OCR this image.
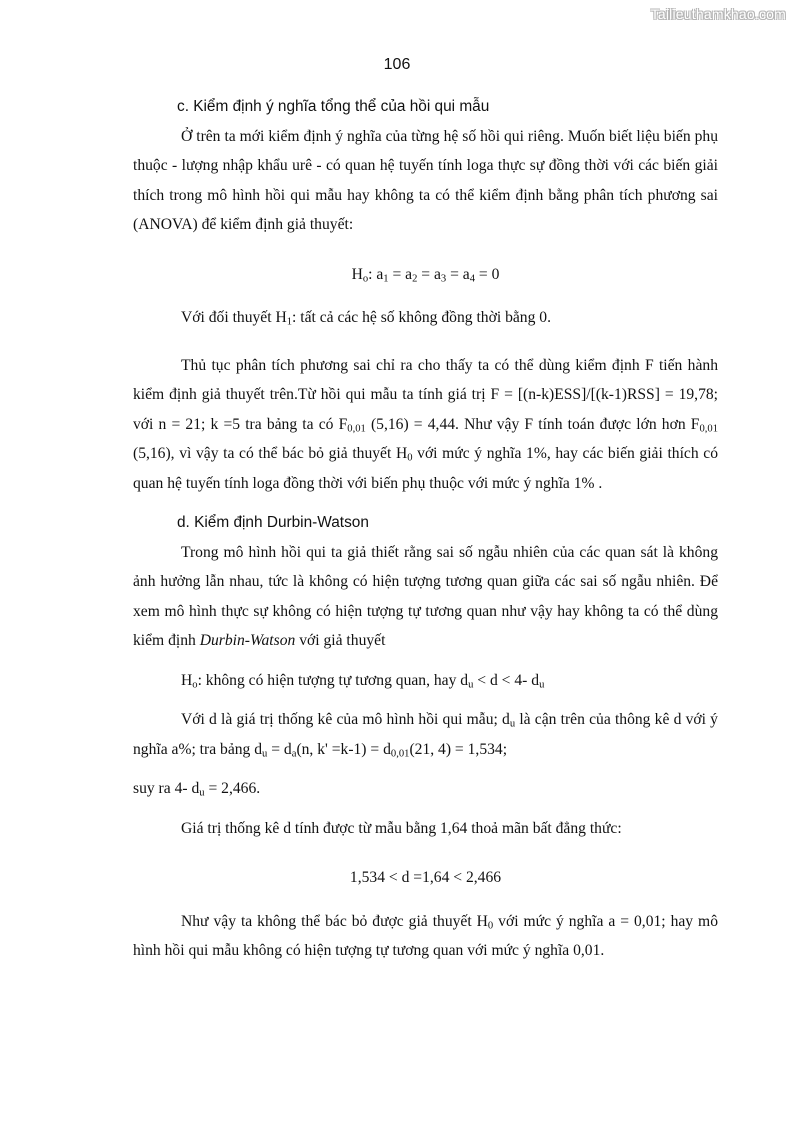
Tailieuthamkhao.com
106

c. Kiểm định ý nghĩa tổng thể của hồi qui mẫu

Ở trên ta mới kiểm định ý nghĩa của từng hệ số hồi qui riêng. Muốn biết liệu biến phụ thuộc - lượng nhập khẩu urê - có quan hệ tuyến tính loga thực sự đồng thời với các biến giải thích trong mô hình hồi qui mẫu hay không ta có thể kiểm định bằng phân tích phương sai (ANOVA) để kiểm định giả thuyết:

$H_o$: $a_1 = a_2 = a_3 = a_4 = 0$

Với đối thuyết $H_1$: tất cả các hệ số không đồng thời bằng 0.

Thủ tục phân tích phương sai chỉ ra cho thấy ta có thể dùng kiểm định F tiến hành kiểm định giả thuyết trên.Từ hồi qui mẫu ta tính giá trị F = [(n-k)ESS]/[(k-1)RSS] = 19,78; với n = 21; k =5 tra bảng ta có $F_{0,01}$ (5,16) = 4,44. Như vậy F tính toán được lớn hơn $F_{0,01}$ (5,16), vì vậy ta có thể bác bỏ giả thuyết $H_0$ với mức ý nghĩa 1%, hay các biến giải thích có quan hệ tuyến tính loga đồng thời với biến phụ thuộc với mức ý nghĩa 1% .

d. Kiểm định Durbin-Watson

Trong mô hình hồi qui ta giả thiết rằng sai số ngẫu nhiên của các quan sát là không ảnh hưởng lẫn nhau, tức là không có hiện tượng tương quan giữa các sai số ngẫu nhiên. Để xem mô hình thực sự không có hiện tượng tự tương quan như vậy hay không ta có thể dùng kiểm định Durbin-Watson với giả thuyết

$H_o$: không có hiện tượng tự tương quan, hay $d_u < d < 4-$ $d_u$

Với d là giá trị thống kê của mô hình hồi qui mẫu; $d_u$ là cận trên của thông kê d với ý nghĩa a%; tra bảng $d_u = d_a(n$, $k' =k-1) = d_{0,01}(21$, 4) = 1,534;

suy ra 4- $d_u = 2,466$.

Giá trị thống kê d tính được từ mẫu bằng 1,64 thoả mãn bất đẳng thức:

1,534 < d =1,64 < 2,466

Như vậy ta không thể bác bỏ được giả thuyết $H_0$ với mức ý nghĩa a = 0,01; hay mô hình hồi qui mẫu không có hiện tượng tự tương quan với mức ý nghĩa 0,01.
